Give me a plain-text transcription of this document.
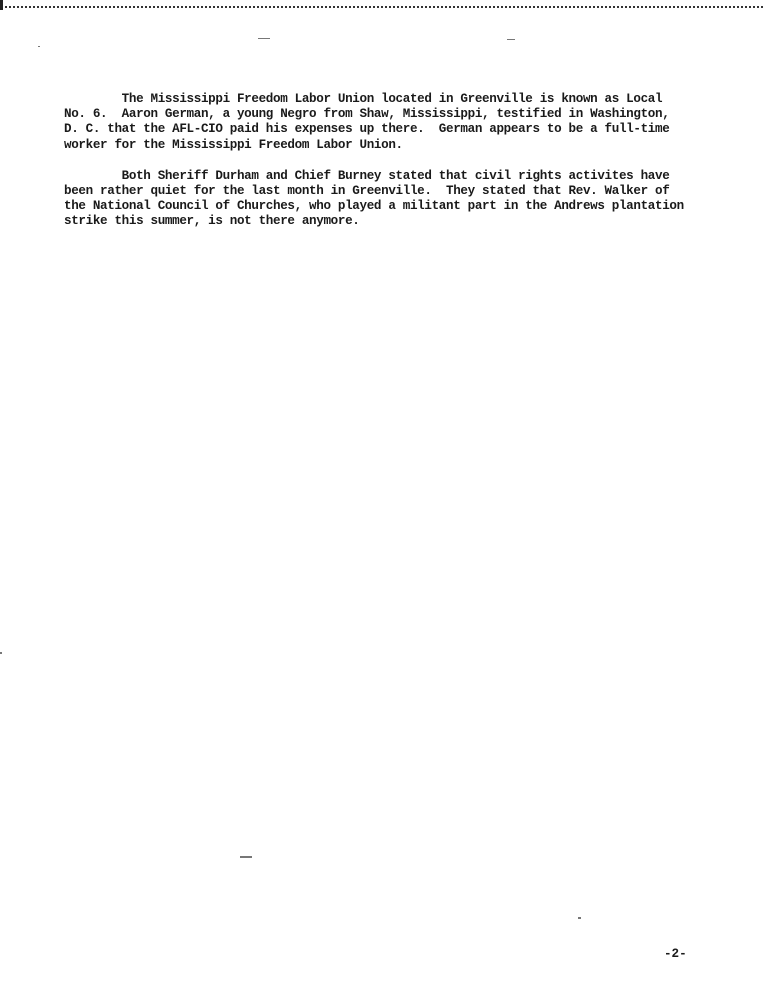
The Mississippi Freedom Labor Union located in Greenville is known as Local
No. 6.  Aaron German, a young Negro from Shaw, Mississippi, testified in Washington,
D. C. that the AFL-CIO paid his expenses up there.  German appears to be a full-time
worker for the Mississippi Freedom Labor Union.

Both Sheriff Durham and Chief Burney stated that civil rights activites have
been rather quiet for the last month in Greenville.  They stated that Rev. Walker of
the National Council of Churches, who played a militant part in the Andrews plantation
strike this summer, is not there anymore.

-2-
